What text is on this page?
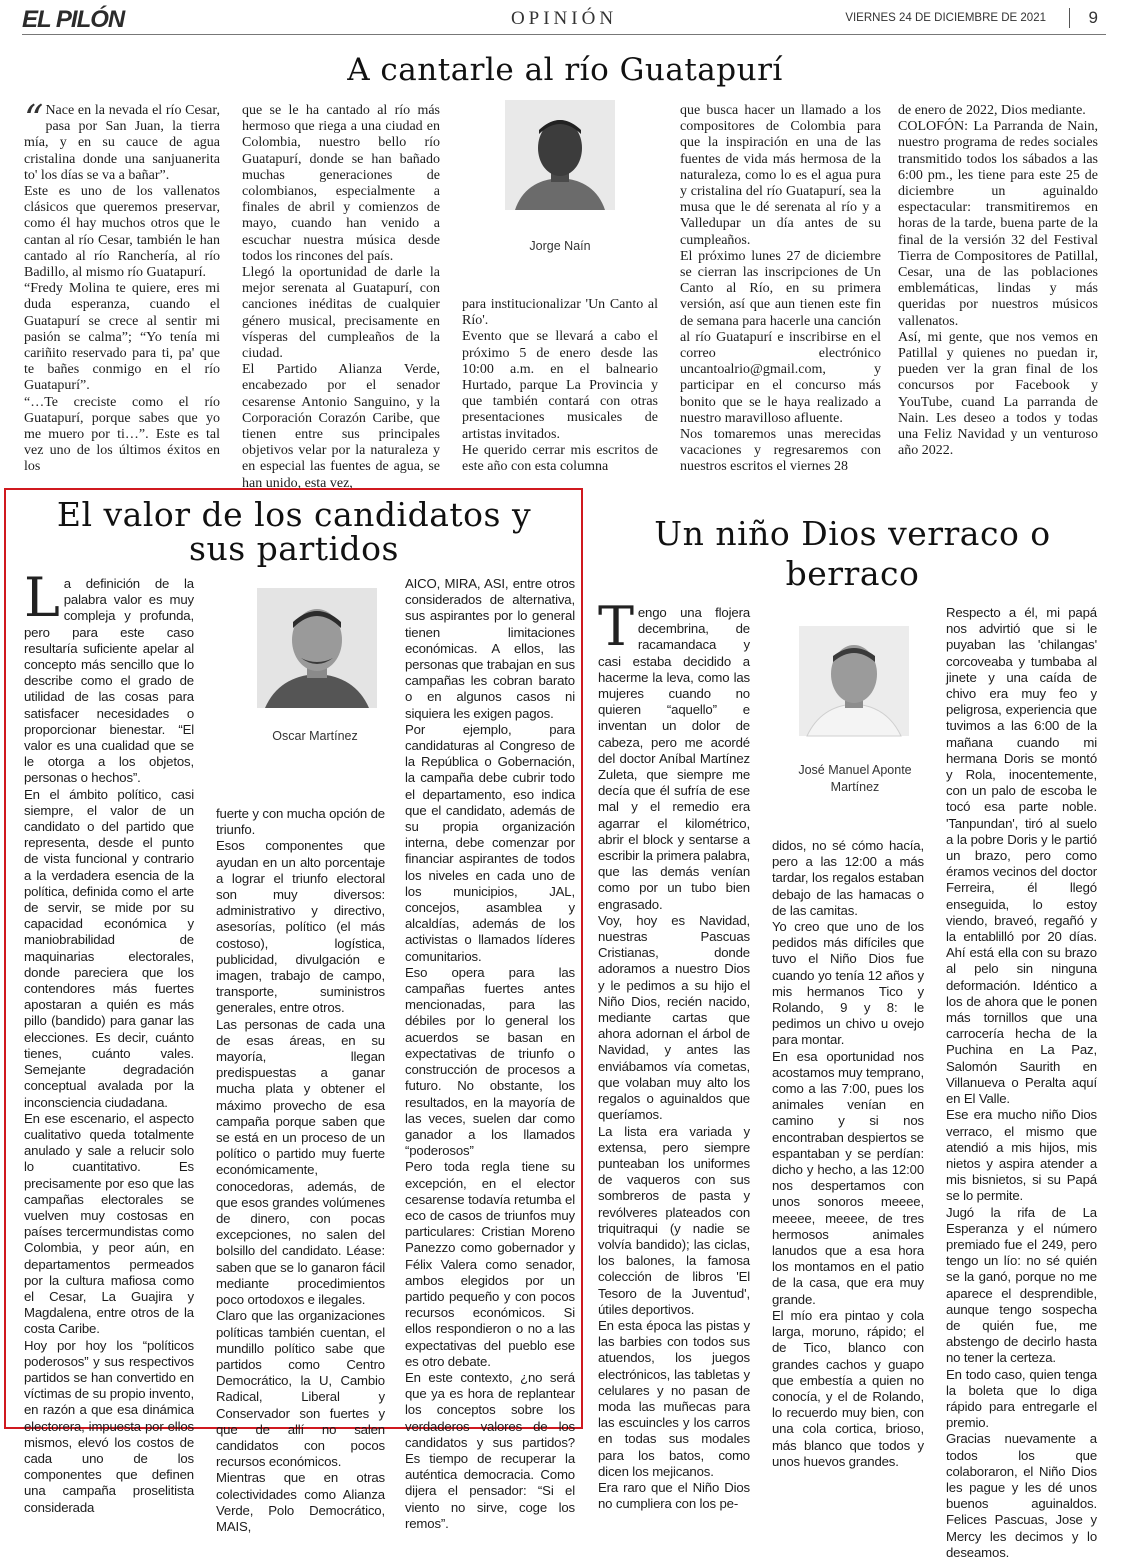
EL PILÓN	OPINIÓN	VIERNES 24 DE DICIEMBRE DE 2021	9
A cantarle al río Guatapurí
“ Nace en la nevada el río Cesar, pasa por San Juan, la tierra mía, y en su cauce de agua cristalina donde una sanjuanerita to' los días se va a bañar”.

Este es uno de los vallenatos clásicos que queremos preservar, como él hay muchos otros que le cantan al río Cesar, también le han cantado al río Ranchería, al río Badillo, al mismo río Guatapurí.

“Fredy Molina te quiere, eres mi duda esperanza, cuando el Guatapurí se crece al sentir mi pasión se calma”; “Yo tenía mi cariñito reservado para ti, pa' que te bañes conmigo en el río Guatapurí”.

“…Te creciste como el río Guatapurí, porque sabes que yo me muero por ti…”. Este es tal vez uno de los últimos éxitos en los

que se le ha cantado al río más hermoso que riega a una ciudad en Colombia, nuestro bello río Guatapurí, donde se han bañado muchas generaciones de colombianos, especialmente a finales de abril y comienzos de mayo, cuando han venido a escuchar nuestra música desde todos los rincones del país.

Llegó la oportunidad de darle la mejor serenata al Guatapurí, con canciones inéditas de cualquier género musical, precisamente en vísperas del cumpleaños de la ciudad.

El Partido Alianza Verde, encabezado por el senador cesarense Antonio Sanguino, y la Corporación Corazón Caribe, que tienen entre sus principales objetivos velar por la naturaleza y en especial las fuentes de agua, se han unido, esta vez,

Jorge Naín

para institucionalizar 'Un Canto al Río'.

Evento que se llevará a cabo el próximo 5 de enero desde las 10:00 a.m. en el balneario Hurtado, parque La Provincia y que también contará con otras presentaciones musicales de artistas invitados.

He querido cerrar mis escritos de este año con esta columna

que busca hacer un llamado a los compositores de Colombia para que la inspiración en una de las fuentes de vida más hermosa de la naturaleza, como lo es el agua pura y cristalina del río Guatapurí, sea la musa que le dé serenata al río y a Valledupar un día antes de su cumpleaños.

El próximo lunes 27 de diciembre se cierran las inscripciones de Un Canto al Río, en su primera versión, así que aun tienen este fin de semana para hacerle una canción al río Guatapurí e inscribirse en el correo electrónico uncantoalrio@gmail.com, y participar en el concurso más bonito que se le haya realizado a nuestro maravilloso afluente.

Nos tomaremos unas merecidas vacaciones y regresaremos con nuestros escritos el viernes 28

de enero de 2022, Dios mediante.

COLOFÓN: La Parranda de Nain, nuestro programa de redes sociales transmitido todos los sábados a las 6:00 pm., les tiene para este 25 de diciembre un aguinaldo espectacular: transmitiremos en horas de la tarde, buena parte de la final de la versión 32 del Festival Tierra de Compositores de Patillal, Cesar, una de las poblaciones emblemáticas, lindas y más queridas por nuestros músicos vallenatos.

Así, mi gente, que nos vemos en Patillal y quienes no puedan ir, pueden ver la gran final de los concursos por Facebook y YouTube, cuand La parranda de Nain. Les deseo a todos y todas una Feliz Navidad y un venturoso año 2022.

El valor de los candidatos y
sus partidos
L a definición de la palabra valor es muy compleja y profunda, pero para este caso resultaría suficiente apelar al concepto más sencillo que lo describe como el grado de utilidad de las cosas para satisfacer necesidades o proporcionar bienestar. “El valor es una cualidad que se le otorga a los objetos, personas o hechos”.

En el ámbito político, casi siempre, el valor de un candidato o del partido que representa, desde el punto de vista funcional y contrario a la verdadera esencia de la política, definida como el arte de servir, se mide por su capacidad económica y maniobrabilidad de maquinarias electorales, donde pareciera que los contendores más fuertes apostaran a quién es más pillo (bandido) para ganar las elecciones. Es decir, cuánto tienes, cuánto vales. Semejante degradación conceptual avalada por la inconsciencia ciudadana.

En ese escenario, el aspecto cualitativo queda totalmente anulado y sale a relucir solo lo cuantitativo. Es precisamente por eso que las campañas electorales se vuelven muy costosas en países tercermundistas como Colombia, y peor aún, en departamentos permeados por la cultura mafiosa como el Cesar, La Guajira y Magdalena, entre otros de la costa Caribe.

Hoy por hoy los “políticos poderosos” y sus respectivos partidos se han convertido en víctimas de su propio invento, en razón a que esa dinámica electorera, impuesta por ellos mismos, elevó los costos de cada uno de los componentes que definen una campaña proselitista considerada

Oscar Martínez

fuerte y con mucha opción de triunfo.

Esos componentes que ayudan en un alto porcentaje a lograr el triunfo electoral son muy diversos: administrativo y directivo, asesorías, político (el más costoso), logística, publicidad, divulgación e imagen, trabajo de campo, transporte, suministros generales, entre otros.

Las personas de cada una de esas áreas, en su mayoría, llegan predispuestas a ganar mucha plata y obtener el máximo provecho de esa campaña porque saben que se está en un proceso de un político o partido muy fuerte económicamente, conocedoras, además, de que esos grandes volúmenes de dinero, con pocas excepciones, no salen del bolsillo del candidato. Léase: saben que se lo ganaron fácil mediante procedimientos poco ortodoxos e ilegales.

Claro que las organizaciones políticas también cuentan, el mundillo político sabe que partidos como Centro Democrático, la U, Cambio Radical, Liberal y Conservador son fuertes y que de allí no salen candidatos con pocos recursos económicos.

Mientras que en otras colectividades como Alianza Verde, Polo Democrático, MAIS,

AICO, MIRA, ASI, entre otros considerados de alternativa, sus aspirantes por lo general tienen limitaciones económicas. A ellos, las personas que trabajan en sus campañas les cobran barato o en algunos casos ni siquiera les exigen pagos.

Por ejemplo, para candidaturas al Congreso de la República o Gobernación, la campaña debe cubrir todo el departamento, eso indica que el candidato, además de su propia organización interna, debe comenzar por financiar aspirantes de todos los niveles en cada uno de los municipios, JAL, concejos, asamblea y alcaldías, además de los activistas o llamados líderes comunitarios.

Eso opera para las campañas fuertes antes mencionadas, para las débiles por lo general los acuerdos se basan en expectativas de triunfo o construcción de procesos a futuro. No obstante, los resultados, en la mayoría de las veces, suelen dar como ganador a los llamados “poderosos”

Pero toda regla tiene su excepción, en el elector cesarense todavía retumba el eco de casos de triunfos muy particulares: Cristian Moreno Panezzo como gobernador y Félix Valera como senador, ambos elegidos por un partido pequeño y con pocos recursos económicos. Si ellos respondieron o no a las expectativas del pueblo ese es otro debate.

En este contexto, ¿no será que ya es hora de replantear los conceptos sobre los verdaderos valores de los candidatos y sus partidos? Es tiempo de recuperar la auténtica democracia. Como dijera el pensador: “Si el viento no sirve, coge los remos”.

Un niño Dios verraco o
berraco
T engo una flojera decembrina, de racamandaca y casi estaba decidido a hacerme la leva, como las mujeres cuando no quieren “aquello” e inventan un dolor de cabeza, pero me acordé del doctor Aníbal Martínez Zuleta, que siempre me decía que él sufría de ese mal y el remedio era agarrar el kilométrico, abrir el block y sentarse a escribir la primera palabra, que las demás venían como por un tubo bien engrasado.

Voy, hoy es Navidad, nuestras Pascuas Cristianas, donde adoramos a nuestro Dios y le pedimos a su hijo el Niño Dios, recién nacido, mediante cartas que ahora adornan el árbol de Navidad, y antes las enviábamos vía cometas, que volaban muy alto los regalos o aguinaldos que queríamos.

La lista era variada y extensa, pero siempre punteaban los uniformes de vaqueros con sus sombreros de pasta y revólveres plateados con triquitraqui (y nadie se volvía bandido); las ciclas, los balones, la famosa colección de libros 'El Tesoro de la Juventud', útiles deportivos.

En esta época las pistas y las barbies con todos sus atuendos, los juegos electrónicos, las tabletas y celulares y no pasan de moda las muñecas para las escuincles y los carros en todas sus modales para los batos, como dicen los mejicanos.

Era raro que el Niño Dios no cumpliera con los pe-

José Manuel Aponte
Martínez

didos, no sé cómo hacía, pero a las 12:00 a más tardar, los regalos estaban debajo de las hamacas o de las camitas.

Yo creo que uno de los pedidos más difíciles que tuvo el Niño Dios fue cuando yo tenía 12 años y mis hermanos Tico y Rolando, 9 y 8: le pedimos un chivo u ovejo para montar.

En esa oportunidad nos acostamos muy temprano, como a las 7:00, pues los animales venían en camino y si nos encontraban despiertos se espantaban y se perdían: dicho y hecho, a las 12:00 nos despertamos con unos sonoros meeee, meeee, meeee, de tres hermosos animales lanudos que a esa hora los montamos en el patio de la casa, que era muy grande.

El mío era pintao y cola larga, moruno, rápido; el de Tico, blanco con grandes cachos y guapo que embestía a quien no conocía, y el de Rolando, lo recuerdo muy bien, con una cola cortica, brioso, más blanco que todos y unos huevos grandes.

Respecto a él, mi papá nos advirtió que si le puyaban las 'chilangas' corcoveaba y tumbaba al jinete y una caída de chivo era muy feo y peligrosa, experiencia que tuvimos a las 6:00 de la mañana cuando mi hermana Doris se montó y Rola, inocentemente, con un palo de escoba le tocó esa parte noble. 'Tanpundan', tiró al suelo a la pobre Doris y le partió un brazo, pero como éramos vecinos del doctor Ferreira, él llegó enseguida, lo estoy viendo, braveó, regañó y la entablilló por 20 días. Ahí está ella con su brazo al pelo sin ninguna deformación. Idéntico a los de ahora que le ponen más tornillos que una carrocería hecha de la Puchina en La Paz, Salomón Saurith en Villanueva o Peralta aquí en El Valle.

Ese era mucho niño Dios verraco, el mismo que atendió a mis hijos, mis nietos y aspira atender a mis bisnietos, si su Papá se lo permite.

Jugó la rifa de La Esperanza y el número premiado fue el 249, pero tengo un lío: no sé quién se la ganó, porque no me aparece el desprendible, aunque tengo sospecha de quién fue, me abstengo de decirlo hasta no tener la certeza.

En todo caso, quien tenga la boleta que lo diga rápido para entregarle el premio.

Gracias nuevamente a todos los que colaboraron, el Niño Dios les pague y les dé unos buenos aguinaldos. Felices Pascuas, Jose y Mercy les decimos y lo deseamos.
